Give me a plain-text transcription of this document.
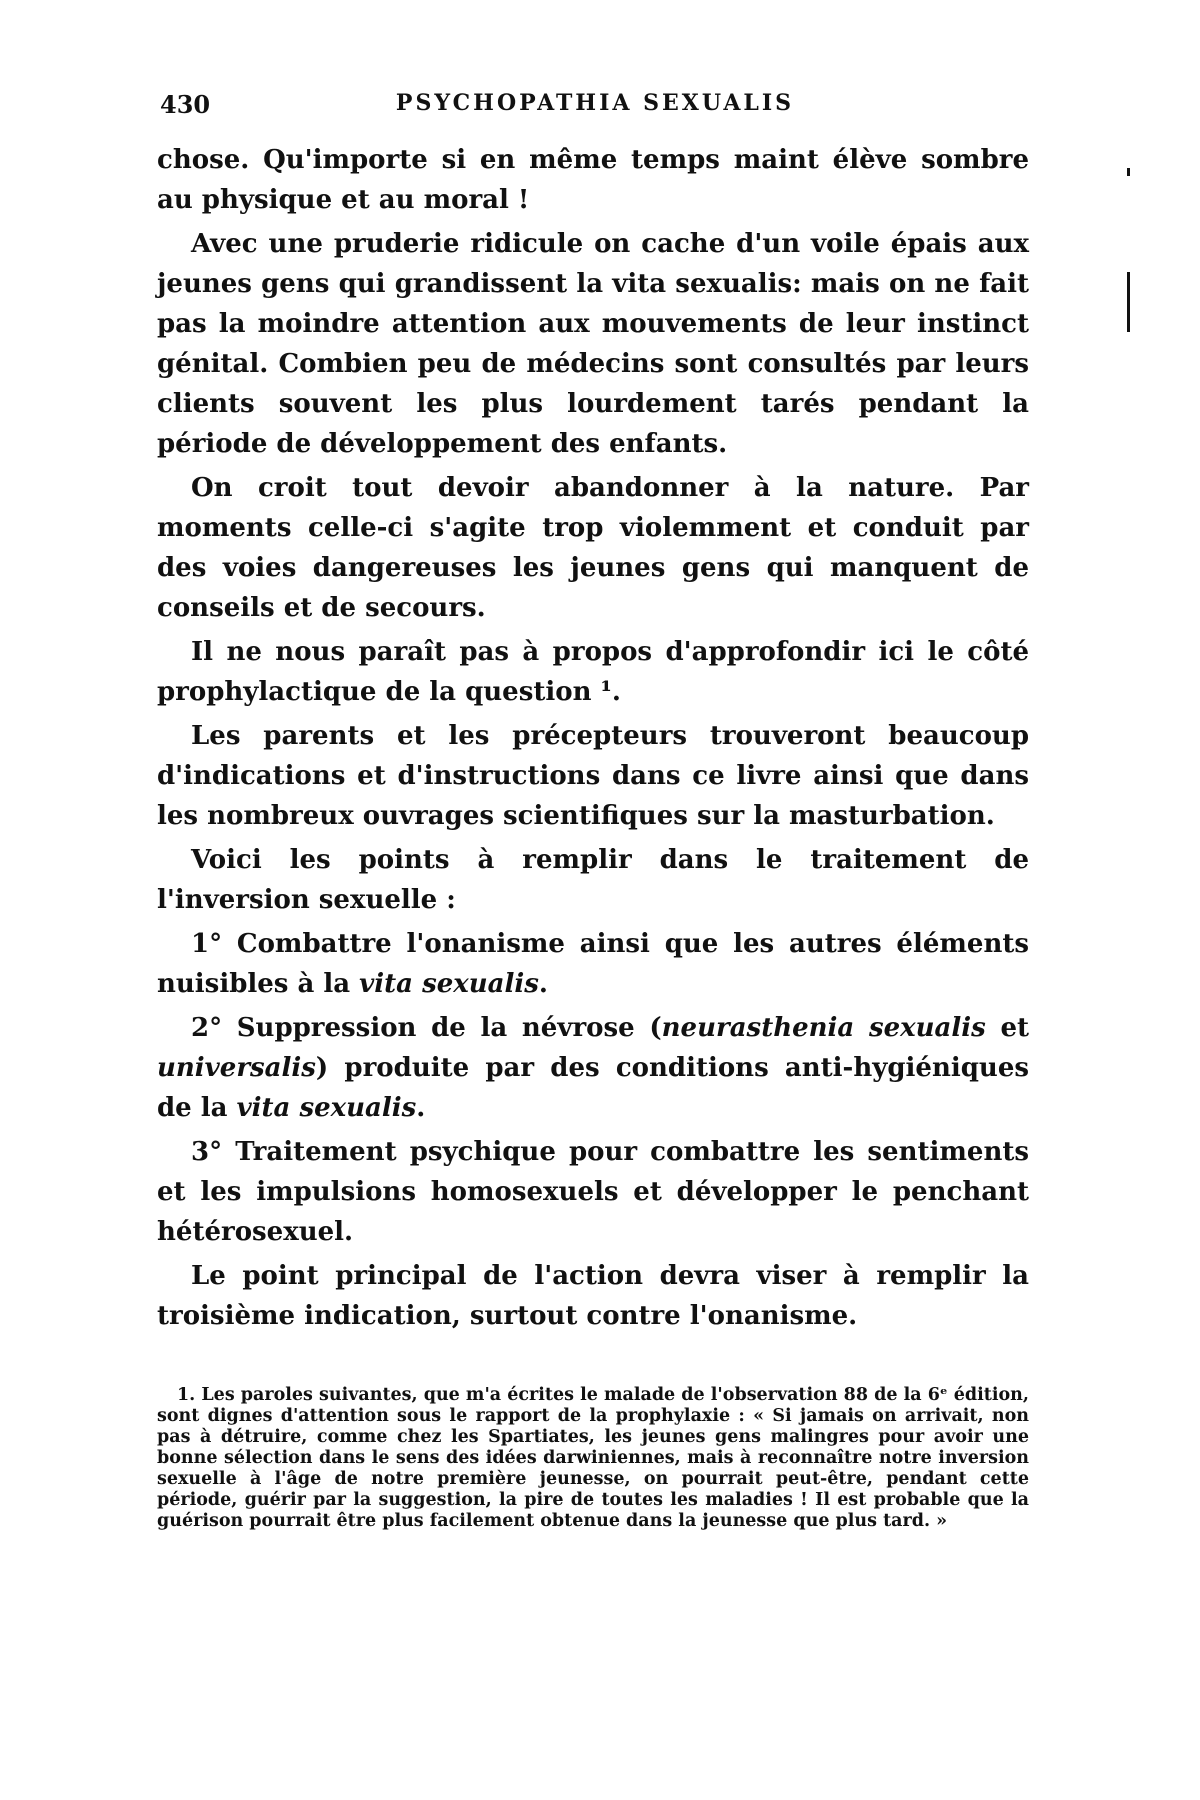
430	PSYCHOPATHIA SEXUALIS

chose. Qu'importe si en même temps maint élève sombre au physique et au moral !

Avec une pruderie ridicule on cache d'un voile épais aux jeunes gens qui grandissent la vita sexualis: mais on ne fait pas la moindre attention aux mouvements de leur instinct génital. Combien peu de médecins sont consultés par leurs clients souvent les plus lourdement tarés pendant la période de développement des enfants.

On croit tout devoir abandonner à la nature. Par moments celle-ci s'agite trop violemment et conduit par des voies dangereuses les jeunes gens qui manquent de conseils et de secours.

Il ne nous paraît pas à propos d'approfondir ici le côté prophylactique de la question ¹.

Les parents et les précepteurs trouveront beaucoup d'indications et d'instructions dans ce livre ainsi que dans les nombreux ouvrages scientifiques sur la masturbation.

Voici les points à remplir dans le traitement de l'inversion sexuelle :

1° Combattre l'onanisme ainsi que les autres éléments nuisibles à la vita sexualis.

2° Suppression de la névrose (neurasthenia sexualis et universalis) produite par des conditions anti-hygiéniques de la vita sexualis.

3° Traitement psychique pour combattre les sentiments et les impulsions homosexuels et développer le penchant hétérosexuel.

Le point principal de l'action devra viser à remplir la troisième indication, surtout contre l'onanisme.

1. Les paroles suivantes, que m'a écrites le malade de l'observation 88 de la 6ᵉ édition, sont dignes d'attention sous le rapport de la prophylaxie : « Si jamais on arrivait, non pas à détruire, comme chez les Spartiates, les jeunes gens malingres pour avoir une bonne sélection dans le sens des idées darwiniennes, mais à reconnaître notre inversion sexuelle à l'âge de notre première jeunesse, on pourrait peut-être, pendant cette période, guérir par la suggestion, la pire de toutes les maladies ! Il est probable que la guérison pourrait être plus facilement obtenue dans la jeunesse que plus tard. »
